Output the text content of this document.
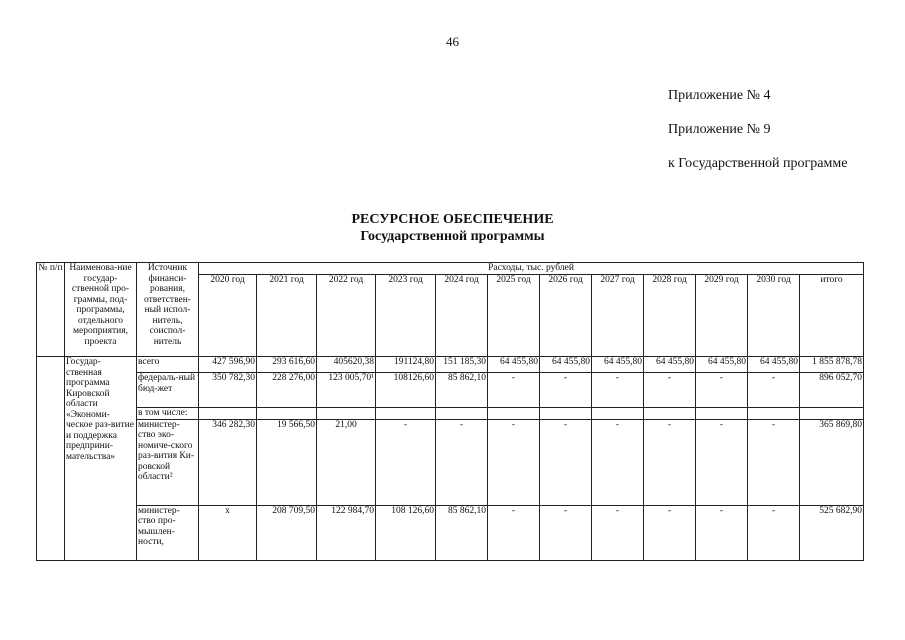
46
Приложение № 4
Приложение № 9
к Государственной программе
РЕСУРСНОЕ ОБЕСПЕЧЕНИЕ
Государственной программы
№ п/п	Наименова-ние государ-ственной про-граммы, под-программы, отдельного мероприятия, проекта	Источник финанси-рования, ответствен-ный испол-нитель, соиспол-нитель	Расходы, тыс. рублей											
			2020 год	2021 год	2022 год	2023 год	2024 год	2025 год	2026 год	2027 год	2028 год	2029 год	2030 год	итого
	Государ-ственная программа Кировской области «Экономи-ческое раз-витие и поддержка предприни-мательства»	всего	427 596,90	293 616,60	405620,38	191124,80	151 185,30	64 455,80	64 455,80	64 455,80	64 455,80	64 455,80	64 455,80	1 855 878,78
		федераль-ный бюд-жет	350 782,30	228 276,00	123 005,70¹	108126,60	85 862,10	-	-	-	-	-	-	896 052,70
		в том числе:												
		министер-ство эко-номиче-ского раз-вития Ки-ровской области²	346 282,30	19 566,50	21,00	-	-	-	-	-	-	-	-	365 869,80
		министер-ство про-мышлен-ности,	x	208 709,50	122 984,70	108 126,60	85 862,10	-	-	-	-	-	-	525 682,90
